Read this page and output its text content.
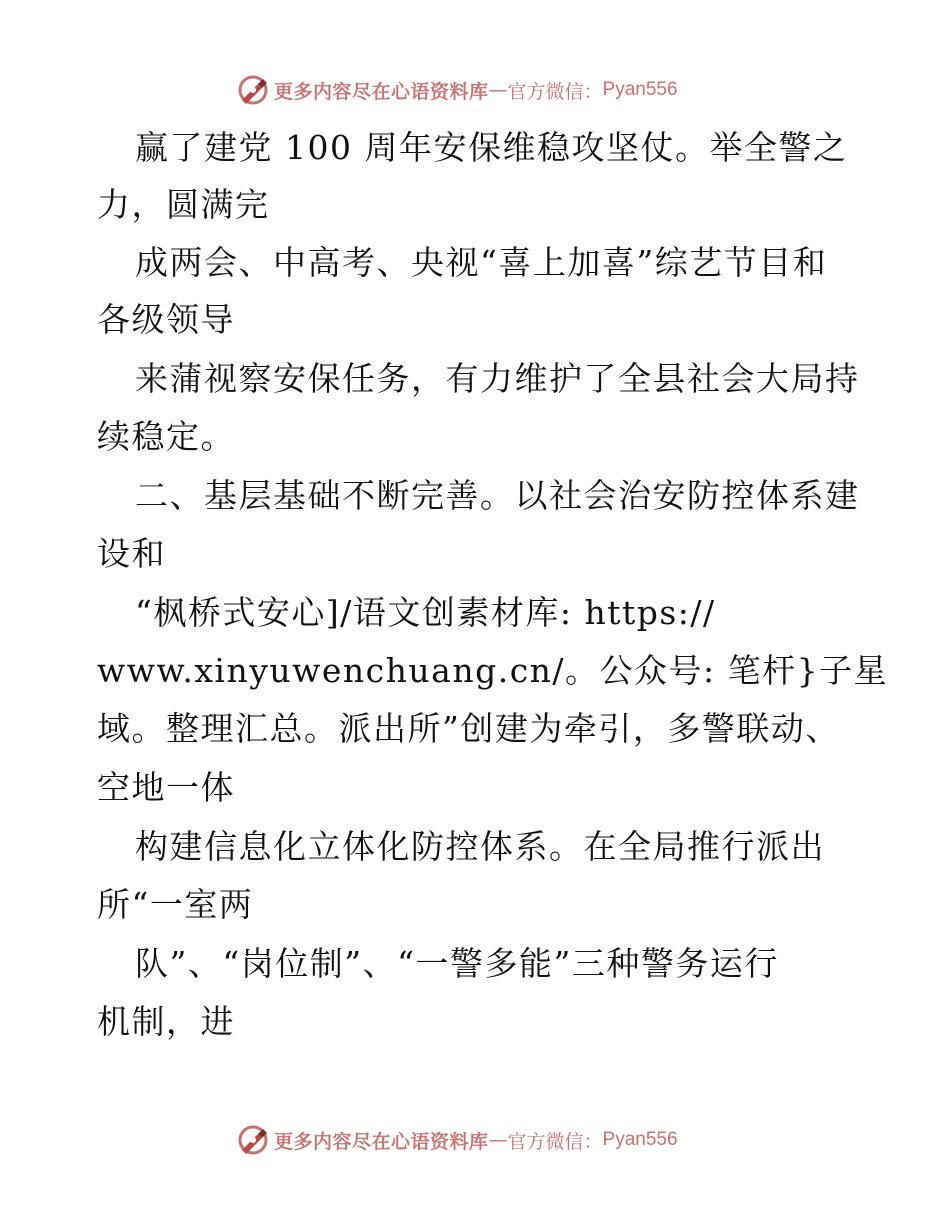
更多内容尽在心语资料库 — 官方微信： Pyan556
赢了建党 100 周年安保维稳攻坚仗。举全警之
力，圆满完
成两会、中高考、央视“喜上加喜”综艺节目和
各级领导
来蒲视察安保任务，有力维护了全县社会大局持
续稳定。
二、基层基础不断完善。以社会治安防控体系建
设和
“枫桥式安心]/语文创素材库: https://
www.xinyuwenchuang.cn/。公众号: 笔杆}子星
域。整理汇总。派出所”创建为牵引，多警联动、
空地一体
构建信息化立体化防控体系。在全局推行派出
所“一室两
队”、“岗位制”、“一警多能”三种警务运行
机制，进
更多内容尽在心语资料库 — 官方微信： Pyan556
